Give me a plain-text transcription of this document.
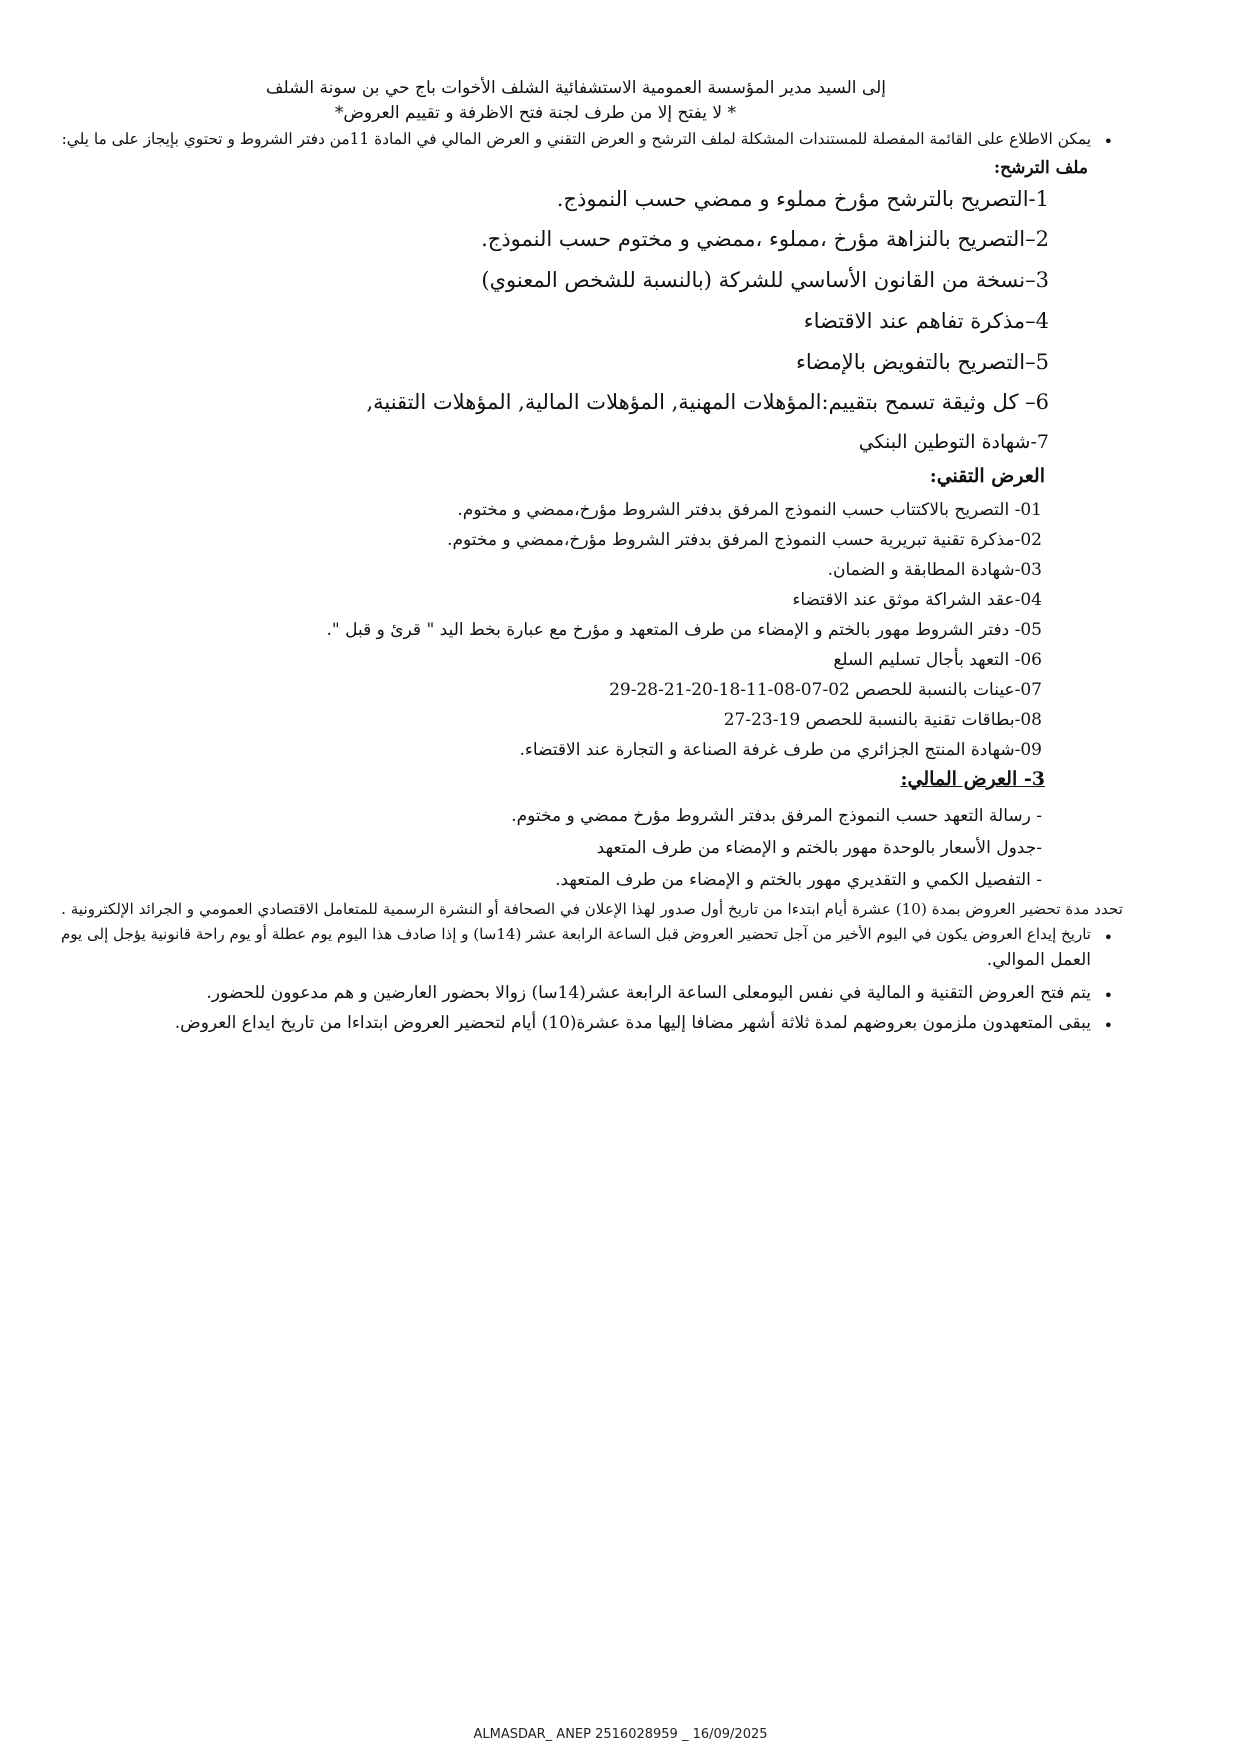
إلى السيد مدير المؤسسة العمومية الاستشفائية الشلف الأخوات باج حي بن سونة الشلف
* لا يفتح إلا من طرف لجنة فتح الاظرفة و تقييم العروض*
•
يمكن الاطلاع على القائمة المفصلة للمستندات المشكلة لملف الترشح و العرض التقني و العرض المالي في المادة 11من دفتر الشروط و تحتوي بإيجاز على ما يلي:
ملف الترشح:
1-التصريح بالترشح مؤرخ مملوء و ممضي حسب النموذج.
2–التصريح بالنزاهة مؤرخ ،مملوء ،ممضي و مختوم حسب النموذج.
3–نسخة من القانون الأساسي للشركة (بالنسبة للشخص المعنوي)
4–مذكرة تفاهم عند الاقتضاء
5–التصريح بالتفويض بالإمضاء
6– كل وثيقة تسمح بتقييم:المؤهلات المهنية, المؤهلات المالية, المؤهلات التقنية,
7-شهادة التوطين البنكي
العرض التقني:
01- التصريح بالاكتتاب حسب النموذج المرفق بدفتر الشروط مؤرخ،ممضي و مختوم.
02-مذكرة تقنية تبريرية حسب النموذج المرفق بدفتر الشروط مؤرخ،ممضي و مختوم.
03-شهادة المطابقة و الضمان.
04-عقد الشراكة موثق عند الاقتضاء
05- دفتر الشروط مهور بالختم و الإمضاء من طرف المتعهد و مؤرخ مع عبارة بخط اليد " قرئ و قبل ".
06- التعهد بأجال تسليم السلع
07-عينات بالنسبة للحصص 02-07-08-11-18-20-21-28-29
08-بطاقات تقنية بالنسبة للحصص 19-23-27
09-شهادة المنتج الجزائري من طرف غرفة الصناعة و التجارة عند الاقتضاء.
3- العرض المالي:
- رسالة التعهد حسب النموذج المرفق بدفتر الشروط مؤرخ ممضي و مختوم.
-جدول الأسعار بالوحدة مهور بالختم و الإمضاء من طرف المتعهد
- التفصيل الكمي و التقديري مهور بالختم و الإمضاء من طرف المتعهد.
تحدد مدة تحضير العروض بمدة (10) عشرة أيام ابتدءا من تاريخ أول صدور لهذا الإعلان في الصحافة أو النشرة الرسمية للمتعامل الاقتصادي العمومي و الجرائد الإلكترونية .
•
تاريخ إيداع العروض يكون في اليوم الأخير من آجل تحضير العروض قبل الساعة الرابعة عشر (14سا) و إذا صادف هذا اليوم يوم عطلة أو يوم راحة قانونية يؤجل إلى يوم
العمل الموالي.
•
يتم فتح العروض التقنية و المالية في نفس اليومعلى الساعة الرابعة عشر(14سا) زوالا بحضور العارضين و هم مدعوون للحضور.
•
يبقى المتعهدون ملزمون بعروضهم لمدة ثلاثة أشهر مضافا إليها مدة عشرة(10) أيام لتحضير العروض ابتداءا من تاريخ ايداع العروض.
ALMASDAR_ ANEP 2516028959 _ 16/09/2025
